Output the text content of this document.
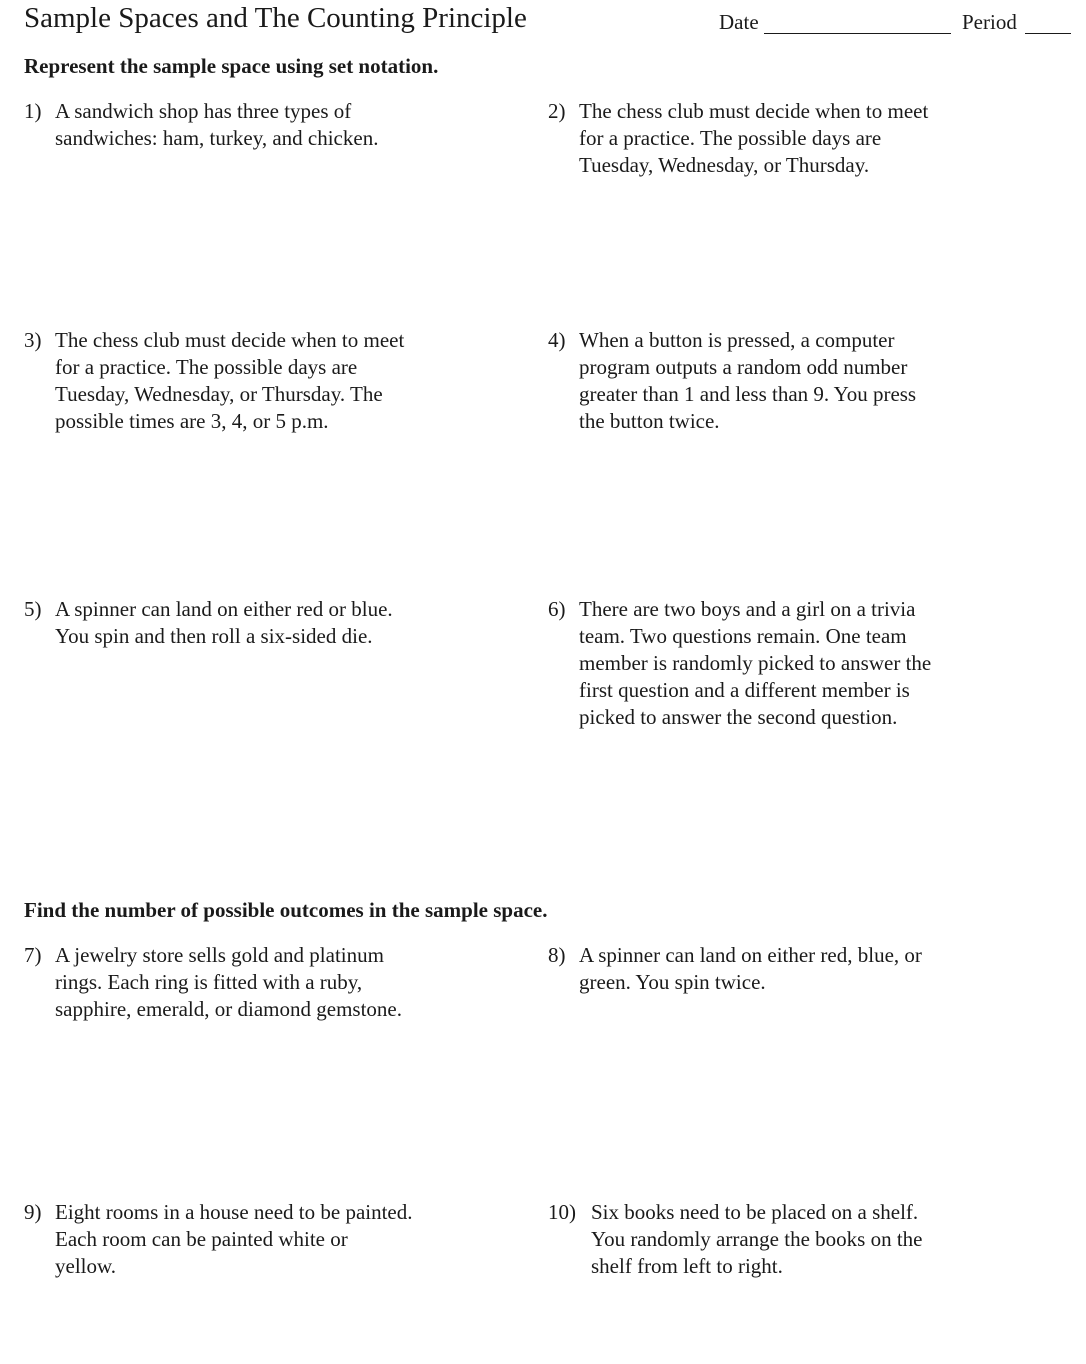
Sample Spaces and The Counting Principle	Date	Period
Represent the sample space using set notation.
1) A sandwich shop has three types of
sandwiches: ham, turkey, and chicken.
2) The chess club must decide when to meet
for a practice. The possible days are
Tuesday, Wednesday, or Thursday.
3) The chess club must decide when to meet
for a practice. The possible days are
Tuesday, Wednesday, or Thursday. The
possible times are 3, 4, or 5 p.m.
4) When a button is pressed, a computer
program outputs a random odd number
greater than 1 and less than 9. You press
the button twice.
5) A spinner can land on either red or blue.
You spin and then roll a six-sided die.
6) There are two boys and a girl on a trivia
team. Two questions remain. One team
member is randomly picked to answer the
first question and a different member is
picked to answer the second question.
Find the number of possible outcomes in the sample space.
7) A jewelry store sells gold and platinum
rings. Each ring is fitted with a ruby,
sapphire, emerald, or diamond gemstone.
8) A spinner can land on either red, blue, or
green. You spin twice.
9) Eight rooms in a house need to be painted.
Each room can be painted white or
yellow.
10) Six books need to be placed on a shelf.
You randomly arrange the books on the
shelf from left to right.
